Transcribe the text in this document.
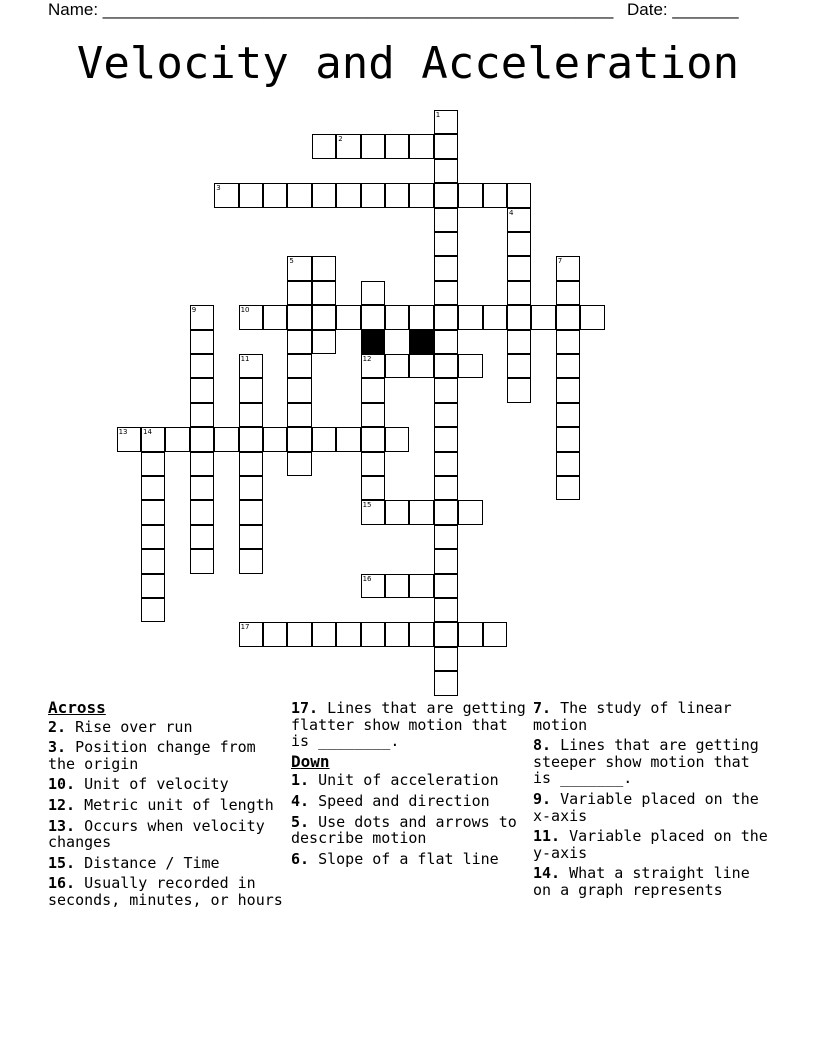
Name: ______________________________________________________ Date: _______
Velocity and Acceleration
1
2
3
4
5	7
10
9
11	12
13 14
15
16
17
Across
2. Rise over run
3. Position change from the origin
10. Unit of velocity
12. Metric unit of length
13. Occurs when velocity changes
15. Distance / Time
16. Usually recorded in seconds, minutes, or hours
17. Lines that are getting flatter show motion that is ________.
Down
1. Unit of acceleration
4. Speed and direction
5. Use dots and arrows to describe motion
6. Slope of a flat line
7. The study of linear motion
8. Lines that are getting steeper show motion that is _______.
9. Variable placed on the x-axis
11. Variable placed on the y-axis
14. What a straight line on a graph represents
